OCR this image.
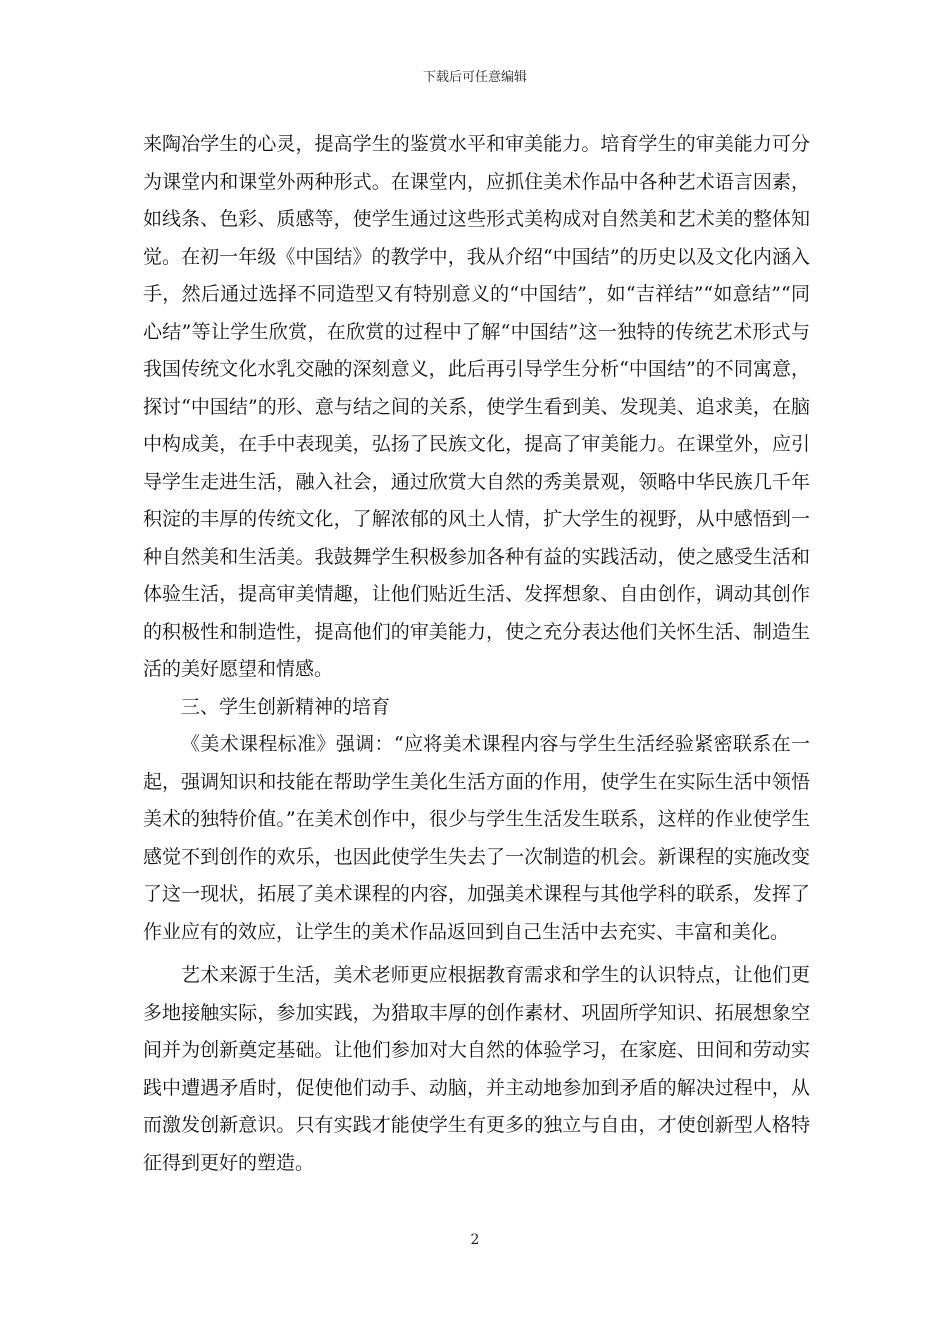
下载后可任意编辑

来陶冶学生的心灵，提高学生的鉴赏水平和审美能力。培育学生的审美能力可分为课堂内和课堂外两种形式。在课堂内，应抓住美术作品中各种艺术语言因素，如线条、色彩、质感等，使学生通过这些形式美构成对自然美和艺术美的整体知觉。在初一年级《中国结》的教学中，我从介绍“中国结”的历史以及文化内涵入手，然后通过选择不同造型又有特别意义的“中国结”，如“吉祥结”“如意结”“同心结”等让学生欣赏，在欣赏的过程中了解“中国结”这一独特的传统艺术形式与我国传统文化水乳交融的深刻意义，此后再引导学生分析“中国结”的不同寓意，探讨“中国结”的形、意与结之间的关系，使学生看到美、发现美、追求美，在脑中构成美，在手中表现美，弘扬了民族文化，提高了审美能力。在课堂外，应引导学生走进生活，融入社会，通过欣赏大自然的秀美景观，领略中华民族几千年积淀的丰厚的传统文化，了解浓郁的风土人情，扩大学生的视野，从中感悟到一种自然美和生活美。我鼓舞学生积极参加各种有益的实践活动，使之感受生活和体验生活，提高审美情趣，让他们贴近生活、发挥想象、自由创作，调动其创作的积极性和制造性，提高他们的审美能力，使之充分表达他们关怀生活、制造生活的美好愿望和情感。

三、学生创新精神的培育

《美术课程标准》强调：“应将美术课程内容与学生生活经验紧密联系在一起，强调知识和技能在帮助学生美化生活方面的作用，使学生在实际生活中领悟美术的独特价值。”在美术创作中，很少与学生生活发生联系，这样的作业使学生感觉不到创作的欢乐，也因此使学生失去了一次制造的机会。新课程的实施改变了这一现状，拓展了美术课程的内容，加强美术课程与其他学科的联系，发挥了作业应有的效应，让学生的美术作品返回到自己生活中去充实、丰富和美化。

艺术来源于生活，美术老师更应根据教育需求和学生的认识特点，让他们更多地接触实际，参加实践，为猎取丰厚的创作素材、巩固所学知识、拓展想象空间并为创新奠定基础。让他们参加对大自然的体验学习，在家庭、田间和劳动实践中遭遇矛盾时，促使他们动手、动脑，并主动地参加到矛盾的解决过程中，从而激发创新意识。只有实践才能使学生有更多的独立与自由，才使创新型人格特征得到更好的塑造。

2
